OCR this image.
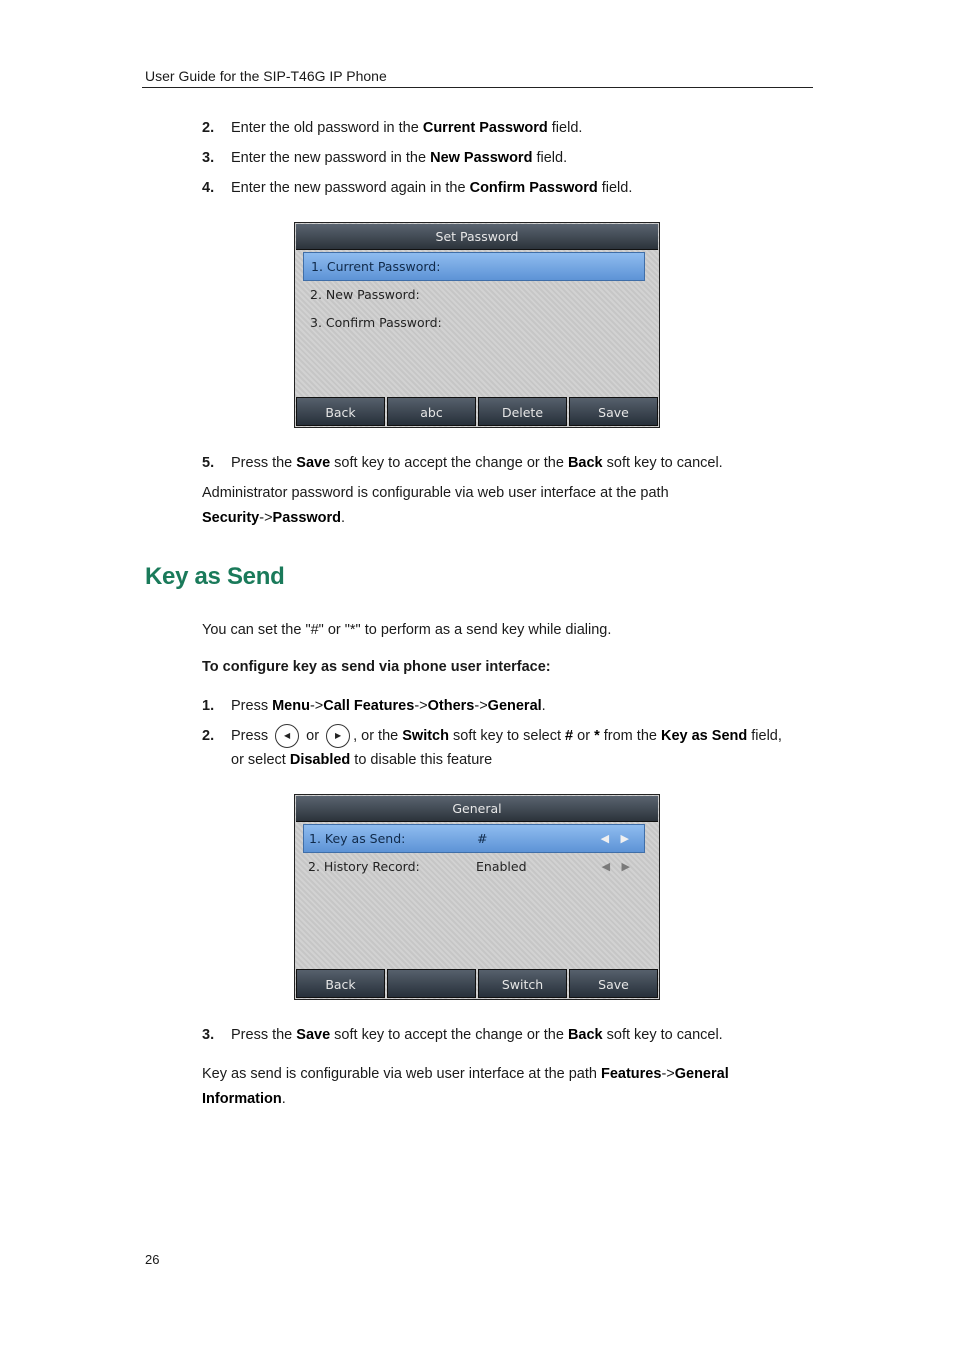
User Guide for the SIP-T46G IP Phone
2. Enter the old password in the Current Password field.
3. Enter the new password in the New Password field.
4. Enter the new password again in the Confirm Password field.
Set Password
1. Current Password:
2. New Password:
3. Confirm Password:
Back	abc	Delete	Save
5. Press the Save soft key to accept the change or the Back soft key to cancel.
Administrator password is configurable via web user interface at the path
Security->Password.
Key as Send
You can set the "#" or "*" to perform as a send key while dialing.
To configure key as send via phone user interface:
1. Press Menu->Call Features->Others->General.
2. Press ◀ or ▶ , or the Switch soft key to select # or * from the Key as Send field,
or select Disabled to disable this feature
General
1. Key as Send:	#	◀ ▶
2. History Record:	Enabled	◀ ▶
Back	Switch	Save
3. Press the Save soft key to accept the change or the Back soft key to cancel.
Key as send is configurable via web user interface at the path Features->General
Information.
26
